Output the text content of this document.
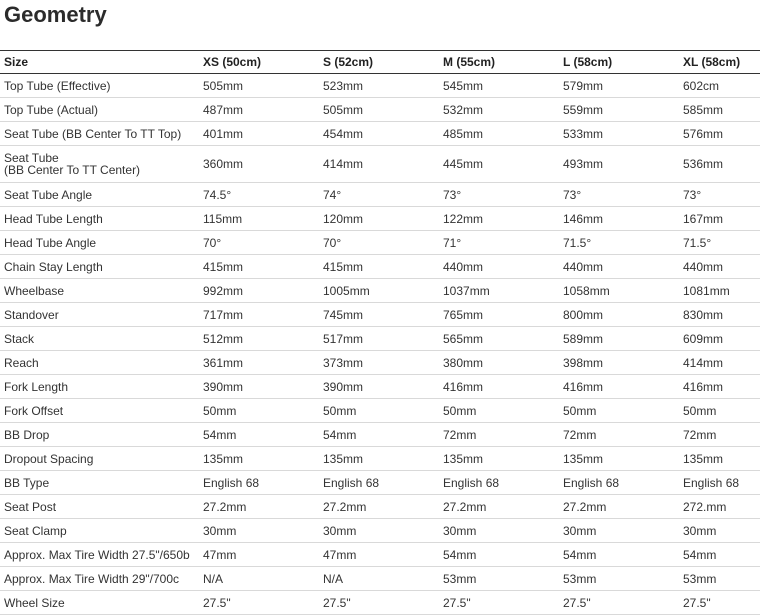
Geometry
Size	XS (50cm)	S (52cm)	M (55cm)	L (58cm)	XL (58cm)
Top Tube (Effective)	505mm	523mm	545mm	579mm	602cm
Top Tube (Actual)	487mm	505mm	532mm	559mm	585mm
Seat Tube (BB Center To TT Top)	401mm	454mm	485mm	533mm	576mm
Seat Tube
(BB Center To TT Center)	360mm	414mm	445mm	493mm	536mm
Seat Tube Angle	74.5°	74°	73°	73°	73°
Head Tube Length	115mm	120mm	122mm	146mm	167mm
Head Tube Angle	70°	70°	71°	71.5°	71.5°
Chain Stay Length	415mm	415mm	440mm	440mm	440mm
Wheelbase	992mm	1005mm	1037mm	1058mm	1081mm
Standover	717mm	745mm	765mm	800mm	830mm
Stack	512mm	517mm	565mm	589mm	609mm
Reach	361mm	373mm	380mm	398mm	414mm
Fork Length	390mm	390mm	416mm	416mm	416mm
Fork Offset	50mm	50mm	50mm	50mm	50mm
BB Drop	54mm	54mm	72mm	72mm	72mm
Dropout Spacing	135mm	135mm	135mm	135mm	135mm
BB Type	English 68	English 68	English 68	English 68	English 68
Seat Post	27.2mm	27.2mm	27.2mm	27.2mm	272.mm
Seat Clamp	30mm	30mm	30mm	30mm	30mm
Approx. Max Tire Width 27.5"/650b	47mm	47mm	54mm	54mm	54mm
Approx. Max Tire Width 29"/700c	N/A	N/A	53mm	53mm	53mm
Wheel Size	27.5"	27.5"	27.5"	27.5"	27.5"
